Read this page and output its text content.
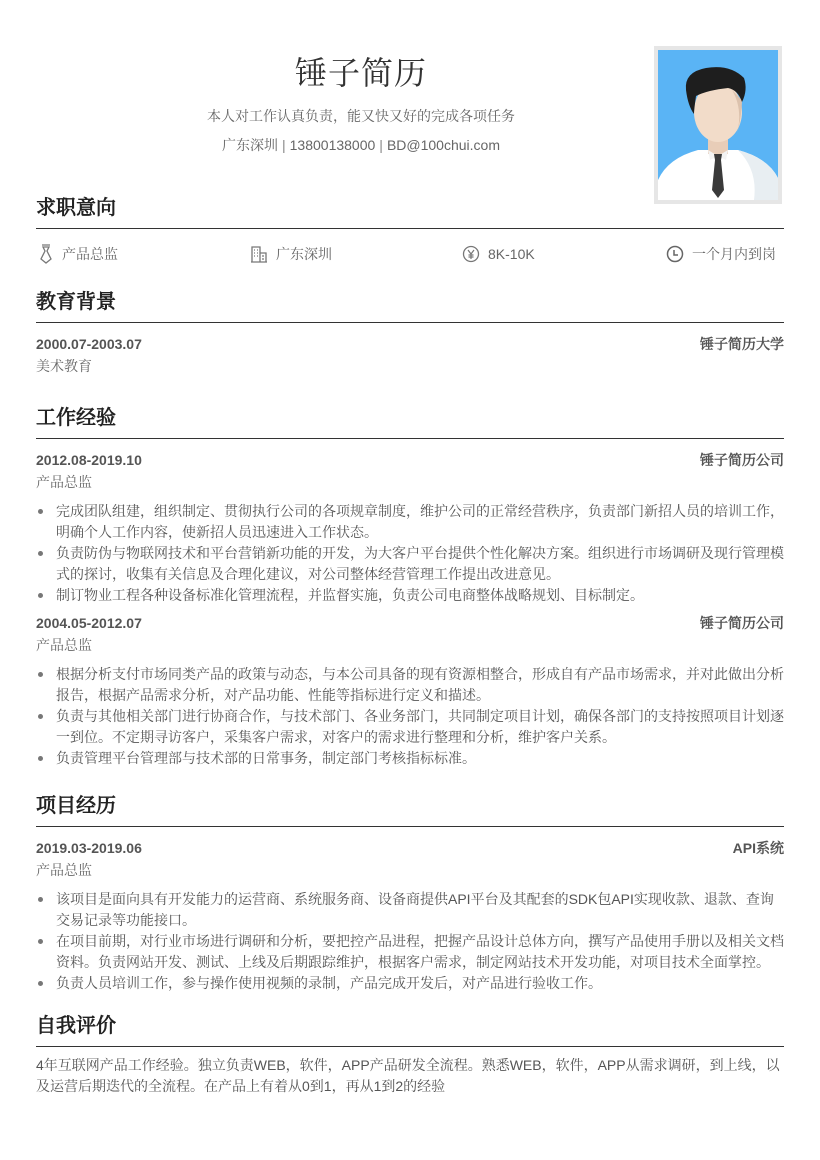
锤子简历
本人对工作认真负责，能又快又好的完成各项任务
广东深圳 | 13800138000 | BD@100chui.com
求职意向
产品总监	广东深圳	8K-10K	一个月内到岗
教育背景
2000.07-2003.07	锤子简历大学
美术教育
工作经验
2012.08-2019.10	锤子简历公司
产品总监
完成团队组建，组织制定、贯彻执行公司的各项规章制度，维护公司的正常经营秩序，负责部门新招人员的培训工作，明确个人工作内容，使新招人员迅速进入工作状态。
负责防伪与物联网技术和平台营销新功能的开发，为大客户平台提供个性化解决方案。组织进行市场调研及现行管理模式的探讨，收集有关信息及合理化建议，对公司整体经营管理工作提出改进意见。
制订物业工程各种设备标准化管理流程，并监督实施，负责公司电商整体战略规划、目标制定。
2004.05-2012.07	锤子简历公司
产品总监
根据分析支付市场同类产品的政策与动态，与本公司具备的现有资源相整合，形成自有产品市场需求，并对此做出分析报告，根据产品需求分析，对产品功能、性能等指标进行定义和描述。
负责与其他相关部门进行协商合作，与技术部门、各业务部门，共同制定项目计划，确保各部门的支持按照项目计划逐一到位。不定期寻访客户，采集客户需求，对客户的需求进行整理和分析，维护客户关系。
负责管理平台管理部与技术部的日常事务，制定部门考核指标标准。
项目经历
2019.03-2019.06	API系统
产品总监
该项目是面向具有开发能力的运营商、系统服务商、设备商提供API平台及其配套的SDK包API实现收款、退款、查询交易记录等功能接口。
在项目前期，对行业市场进行调研和分析，要把控产品进程，把握产品设计总体方向，撰写产品使用手册以及相关文档资料。负责网站开发、测试、上线及后期跟踪维护，根据客户需求，制定网站技术开发功能，对项目技术全面掌控。
负责人员培训工作，参与操作使用视频的录制，产品完成开发后，对产品进行验收工作。
自我评价
4年互联网产品工作经验。独立负责WEB，软件，APP产品研发全流程。熟悉WEB，软件，APP从需求调研，到上线，以及运营后期迭代的全流程。在产品上有着从0到1，再从1到2的经验
